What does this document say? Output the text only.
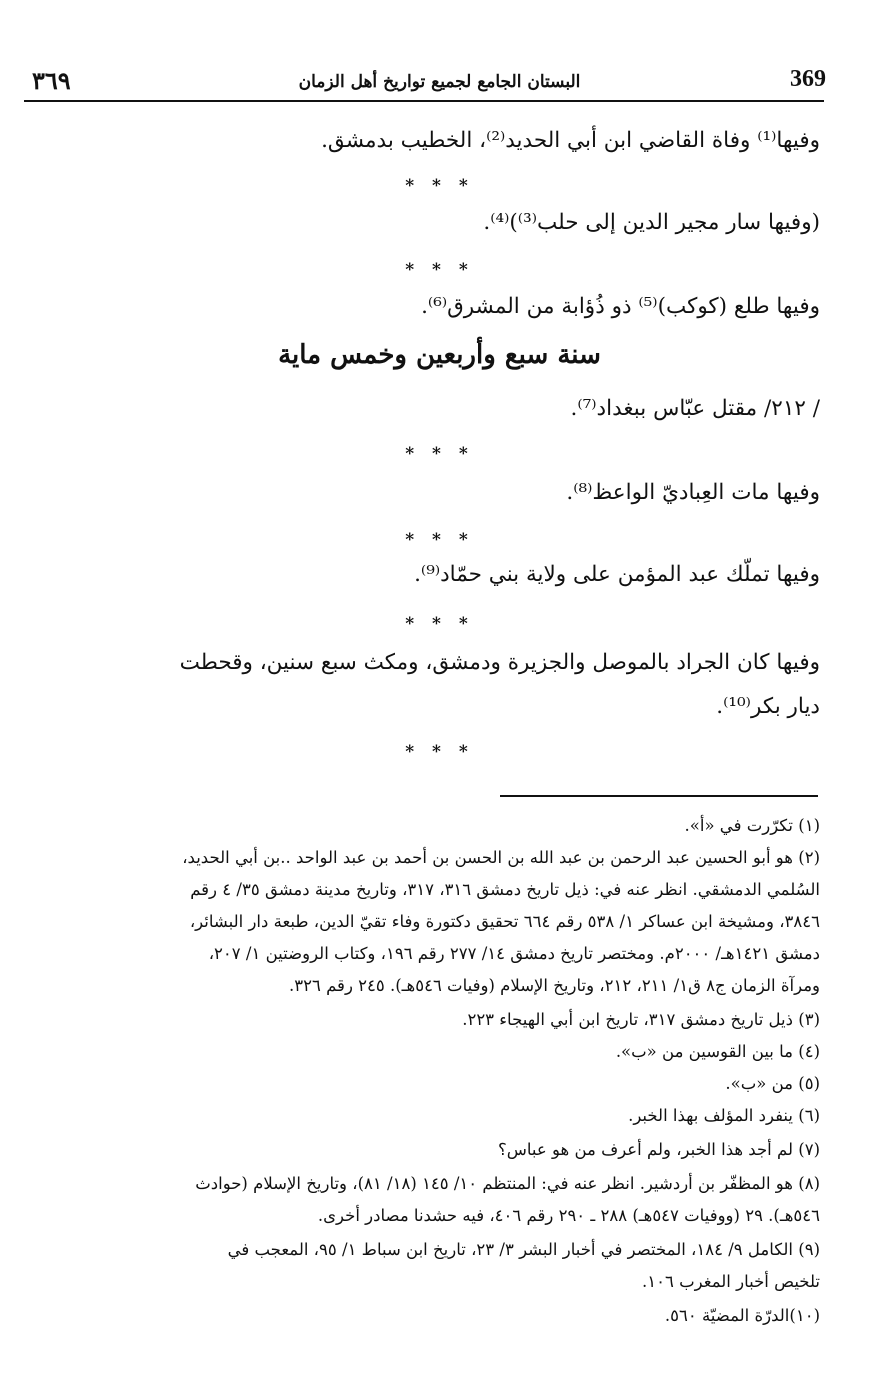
369
البستان الجامع لجميع تواريخ أهل الزمان
٣٦٩
وفيها⁽¹⁾ وفاة القاضي ابن أبي الحديد⁽²⁾، الخطيب بدمشق.
* * *
(وفيها سار مجير الدين إلى حلب⁽³⁾)⁽⁴⁾.
* * *
وفيها طلع (كوكب)⁽⁵⁾ ذو ذُؤابة من المشرق⁽⁶⁾.
سنة سبع وأربعين وخمس ماية
/ ٢١٢/ مقتل عبّاس ببغداد⁽⁷⁾.
* * *
وفيها مات العِباديّ الواعظ⁽⁸⁾.
* * *
وفيها تملّك عبد المؤمن على ولاية بني حمّاد⁽⁹⁾.
* * *
وفيها كان الجراد بالموصل والجزيرة ودمشق، ومكث سبع سنين، وقحطت
ديار بكر⁽¹⁰⁾.
* * *
(١) تكرّرت في «أ».
(٢) هو أبو الحسين عبد الرحمن بن عبد الله بن الحسن بن أحمد بن عبد الواحد ..بن أبي الحديد،
السُلمي الدمشقي. انظر عنه في: ذيل تاريخ دمشق ٣١٦، ٣١٧، وتاريخ مدينة دمشق ٣٥/ ٤ رقم
٣٨٤٦، ومشيخة ابن عساكر ١/ ٥٣٨ رقم ٦٦٤ تحقيق دكتورة وفاء تقيّ الدين، طبعة دار البشائر،
دمشق ١٤٢١هـ/ ٢٠٠٠م. ومختصر تاريخ دمشق ١٤/ ٢٧٧ رقم ١٩٦، وكتاب الروضتين ١/ ٢٠٧،
ومرآة الزمان ج٨ ق١/ ٢١١، ٢١٢، وتاريخ الإسلام (وفيات ٥٤٦هـ). ٢٤٥ رقم ٣٢٦.
(٣) ذيل تاريخ دمشق ٣١٧، تاريخ ابن أبي الهيجاء ٢٢٣.
(٤) ما بين القوسين من «ب».
(٥) من «ب».
(٦) ينفرد المؤلف بهذا الخبر.
(٧) لم أجد هذا الخبر، ولم أعرف من هو عباس؟
(٨) هو المظفّر بن أردشير. انظر عنه في: المنتظم ١٠/ ١٤٥ (١٨/ ٨١)، وتاريخ الإسلام (حوادث
٥٤٦هـ). ٢٩ (ووفيات ٥٤٧هـ) ٢٨٨ ـ ٢٩٠ رقم ٤٠٦، فيه حشدنا مصادر أخرى.
(٩) الكامل ٩/ ١٨٤، المختصر في أخبار البشر ٣/ ٢٣، تاريخ ابن سباط ١/ ٩٥، المعجب في
تلخيص أخبار المغرب ١٠٦.
(١٠)الدرّة المضيّة ٥٦٠.
